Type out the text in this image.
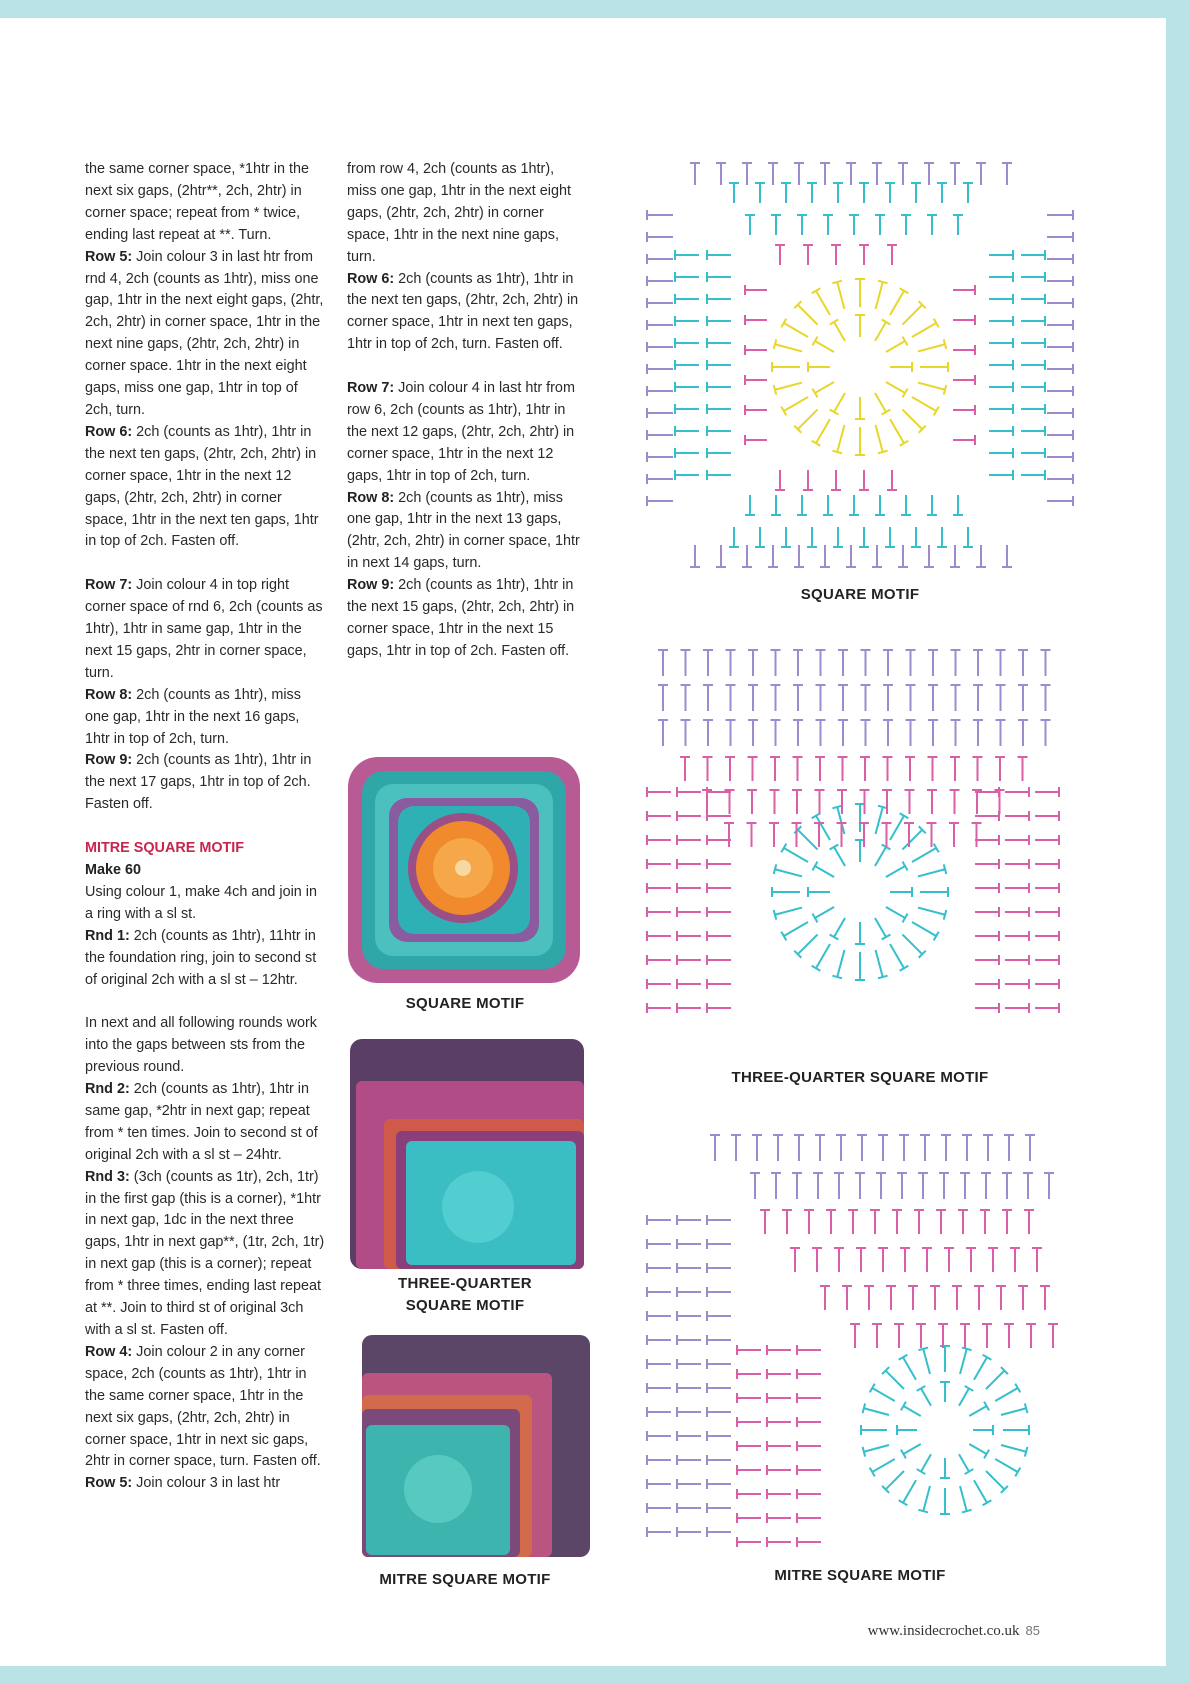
the same corner space, *1htr in the next six gaps, (2htr**, 2ch, 2htr) in corner space; repeat from * twice, ending last repeat at **. Turn.

Row 5: Join colour 3 in last htr from rnd 4, 2ch (counts as 1htr), miss one gap, 1htr in the next eight gaps, (2htr, 2ch, 2htr) in corner space, 1htr in the next nine gaps, (2htr, 2ch, 2htr) in corner space. 1htr in the next eight gaps, miss one gap, 1htr in top of 2ch, turn.

Row 6: 2ch (counts as 1htr), 1htr in the next ten gaps, (2htr, 2ch, 2htr) in corner space, 1htr in the next 12 gaps, (2htr, 2ch, 2htr) in corner space, 1htr in the next ten gaps, 1htr in top of 2ch. Fasten off.

Row 7: Join colour 4 in top right corner space of rnd 6, 2ch (counts as 1htr), 1htr in same gap, 1htr in the next 15 gaps, 2htr in corner space, turn.

Row 8: 2ch (counts as 1htr), miss one gap, 1htr in the next 16 gaps, 1htr in top of 2ch, turn.

Row 9: 2ch (counts as 1htr), 1htr in the next 17 gaps, 1htr in top of 2ch. Fasten off.

MITRE SQUARE MOTIF

Make 60

Using colour 1, make 4ch and join in a ring with a sl st.

Rnd 1: 2ch (counts as 1htr), 11htr in the foundation ring, join to second st of original 2ch with a sl st – 12htr.

In next and all following rounds work into the gaps between sts from the previous round.

Rnd 2: 2ch (counts as 1htr), 1htr in same gap, *2htr in next gap; repeat from * ten times. Join to second st of original 2ch with a sl st – 24htr.

Rnd 3: (3ch (counts as 1tr), 2ch, 1tr) in the first gap (this is a corner), *1htr in next gap, 1dc in the next three gaps, 1htr in next gap**, (1tr, 2ch, 1tr) in next gap (this is a corner); repeat from * three times, ending last repeat at **. Join to third st of original 3ch with a sl st. Fasten off.

Row 4: Join colour 2 in any corner space, 2ch (counts as 1htr), 1htr in the same corner space, 1htr in the next six gaps, (2htr, 2ch, 2htr) in corner space, 1htr in next sic gaps, 2htr in corner space, turn. Fasten off.

Row 5: Join colour 3 in last htr

from row 4, 2ch (counts as 1htr), miss one gap, 1htr in the next eight gaps, (2htr, 2ch, 2htr) in corner space, 1htr in the next nine gaps, turn.

Row 6: 2ch (counts as 1htr), 1htr in the next ten gaps, (2htr, 2ch, 2htr) in corner space, 1htr in next ten gaps, 1htr in top of 2ch, turn. Fasten off.

Row 7: Join colour 4 in last htr from row 6, 2ch (counts as 1htr), 1htr in the next 12 gaps, (2htr, 2ch, 2htr) in corner space, 1htr in the next 12 gaps, 1htr in top of 2ch, turn.

Row 8: 2ch (counts as 1htr), miss one gap, 1htr in the next 13 gaps, (2htr, 2ch, 2htr) in corner space, 1htr in next 14 gaps, turn.

Row 9: 2ch (counts as 1htr), 1htr in the next 15 gaps, (2htr, 2ch, 2htr) in corner space, 1htr in the next 15 gaps, 1htr in top of 2ch. Fasten off.

SQUARE MOTIF
THREE-QUARTER
SQUARE MOTIF
MITRE SQUARE MOTIF
SQUARE MOTIF
THREE-QUARTER SQUARE MOTIF
MITRE SQUARE MOTIF
www.insidecrochet.co.uk 85
